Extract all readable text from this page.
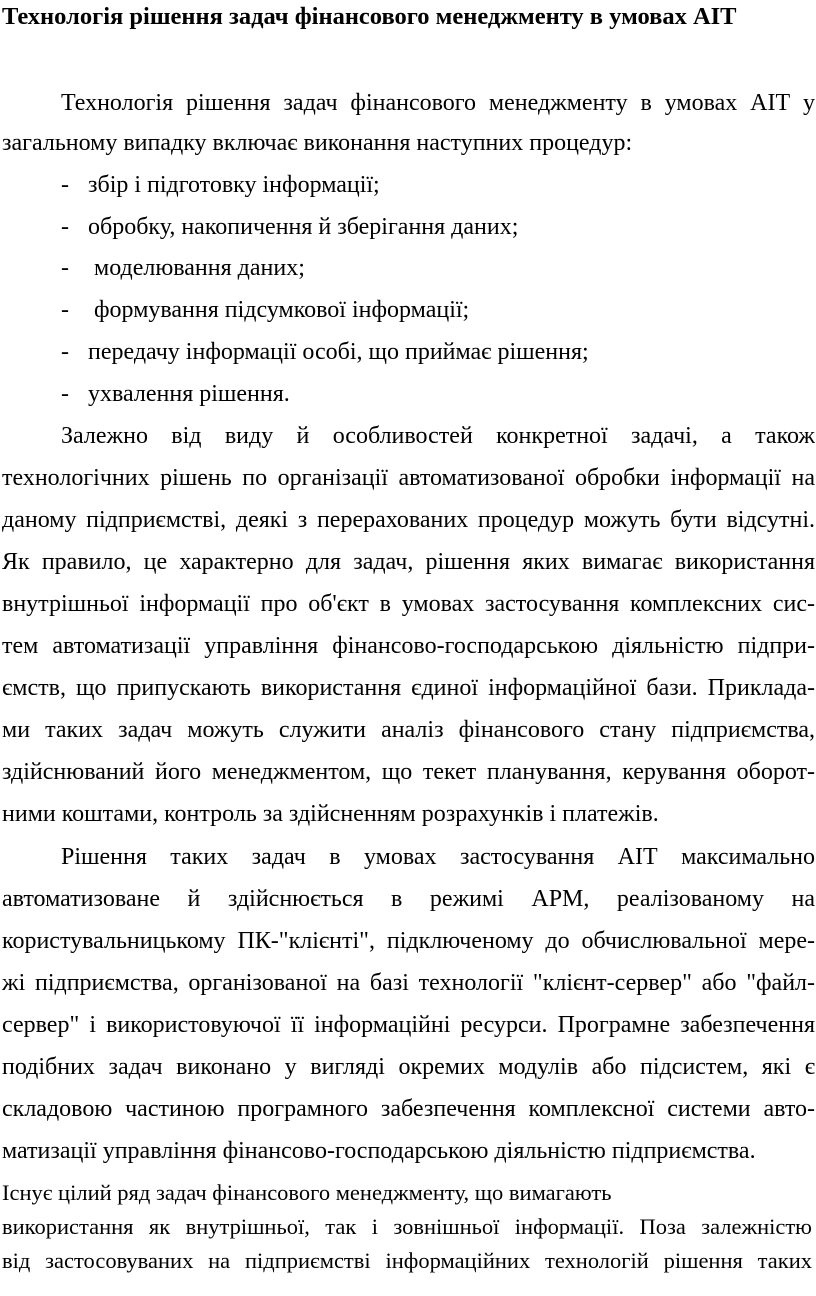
Технологія рішення задач фінансового менеджменту в умовах АІТ

Технологія рішення задач фінансового менеджменту в умовах АІТ у

загальному випадку включає виконання наступних процедур:

- збір і підготовку інформації;

- обробку, накопичення й зберігання даних;

- моделювання даних;

- формування підсумкової інформації;

- передачу інформації особі, що приймає рішення;

- ухвалення рішення.

Залежно від виду й особливостей конкретної задачі, а також

технологічних рішень по організації автоматизованої обробки інформації на

даному підприємстві, деякі з перерахованих процедур можуть бути відсутні.

Як правило, це характерно для задач, рішення яких вимагає використання

внутрішньої інформації про об'єкт в умовах застосування комплексних сис-

тем автоматизації управління фінансово-господарською діяльністю підпри-

ємств, що припускають використання єдиної інформаційної бази. Приклада-

ми таких задач можуть служити аналіз фінансового стану підприємства,

здійснюваний його менеджментом, що текет планування, керування оборот-

ними коштами, контроль за здійсненням розрахунків і платежів.

Рішення таких задач в умовах застосування АІТ максимально

автоматизоване й здійснюється в режимі АРМ, реалізованому на

користувальницькому ПК-"клієнті", підключеному до обчислювальної мере-

жі підприємства, організованої на базі технології "клієнт-сервер" або "файл-

сервер" і використовуючої її інформаційні ресурси. Програмне забезпечення

подібних задач виконано у вигляді окремих модулів або підсистем, які є

складовою частиною програмного забезпечення комплексної системи авто-

матизації управління фінансово-господарською діяльністю підприємства.

Існує цілий ряд задач фінансового менеджменту, що вимагають

використання як внутрішньої, так і зовнішньої інформації. Поза залежністю

від застосовуваних на підприємстві інформаційних технологій рішення таких
